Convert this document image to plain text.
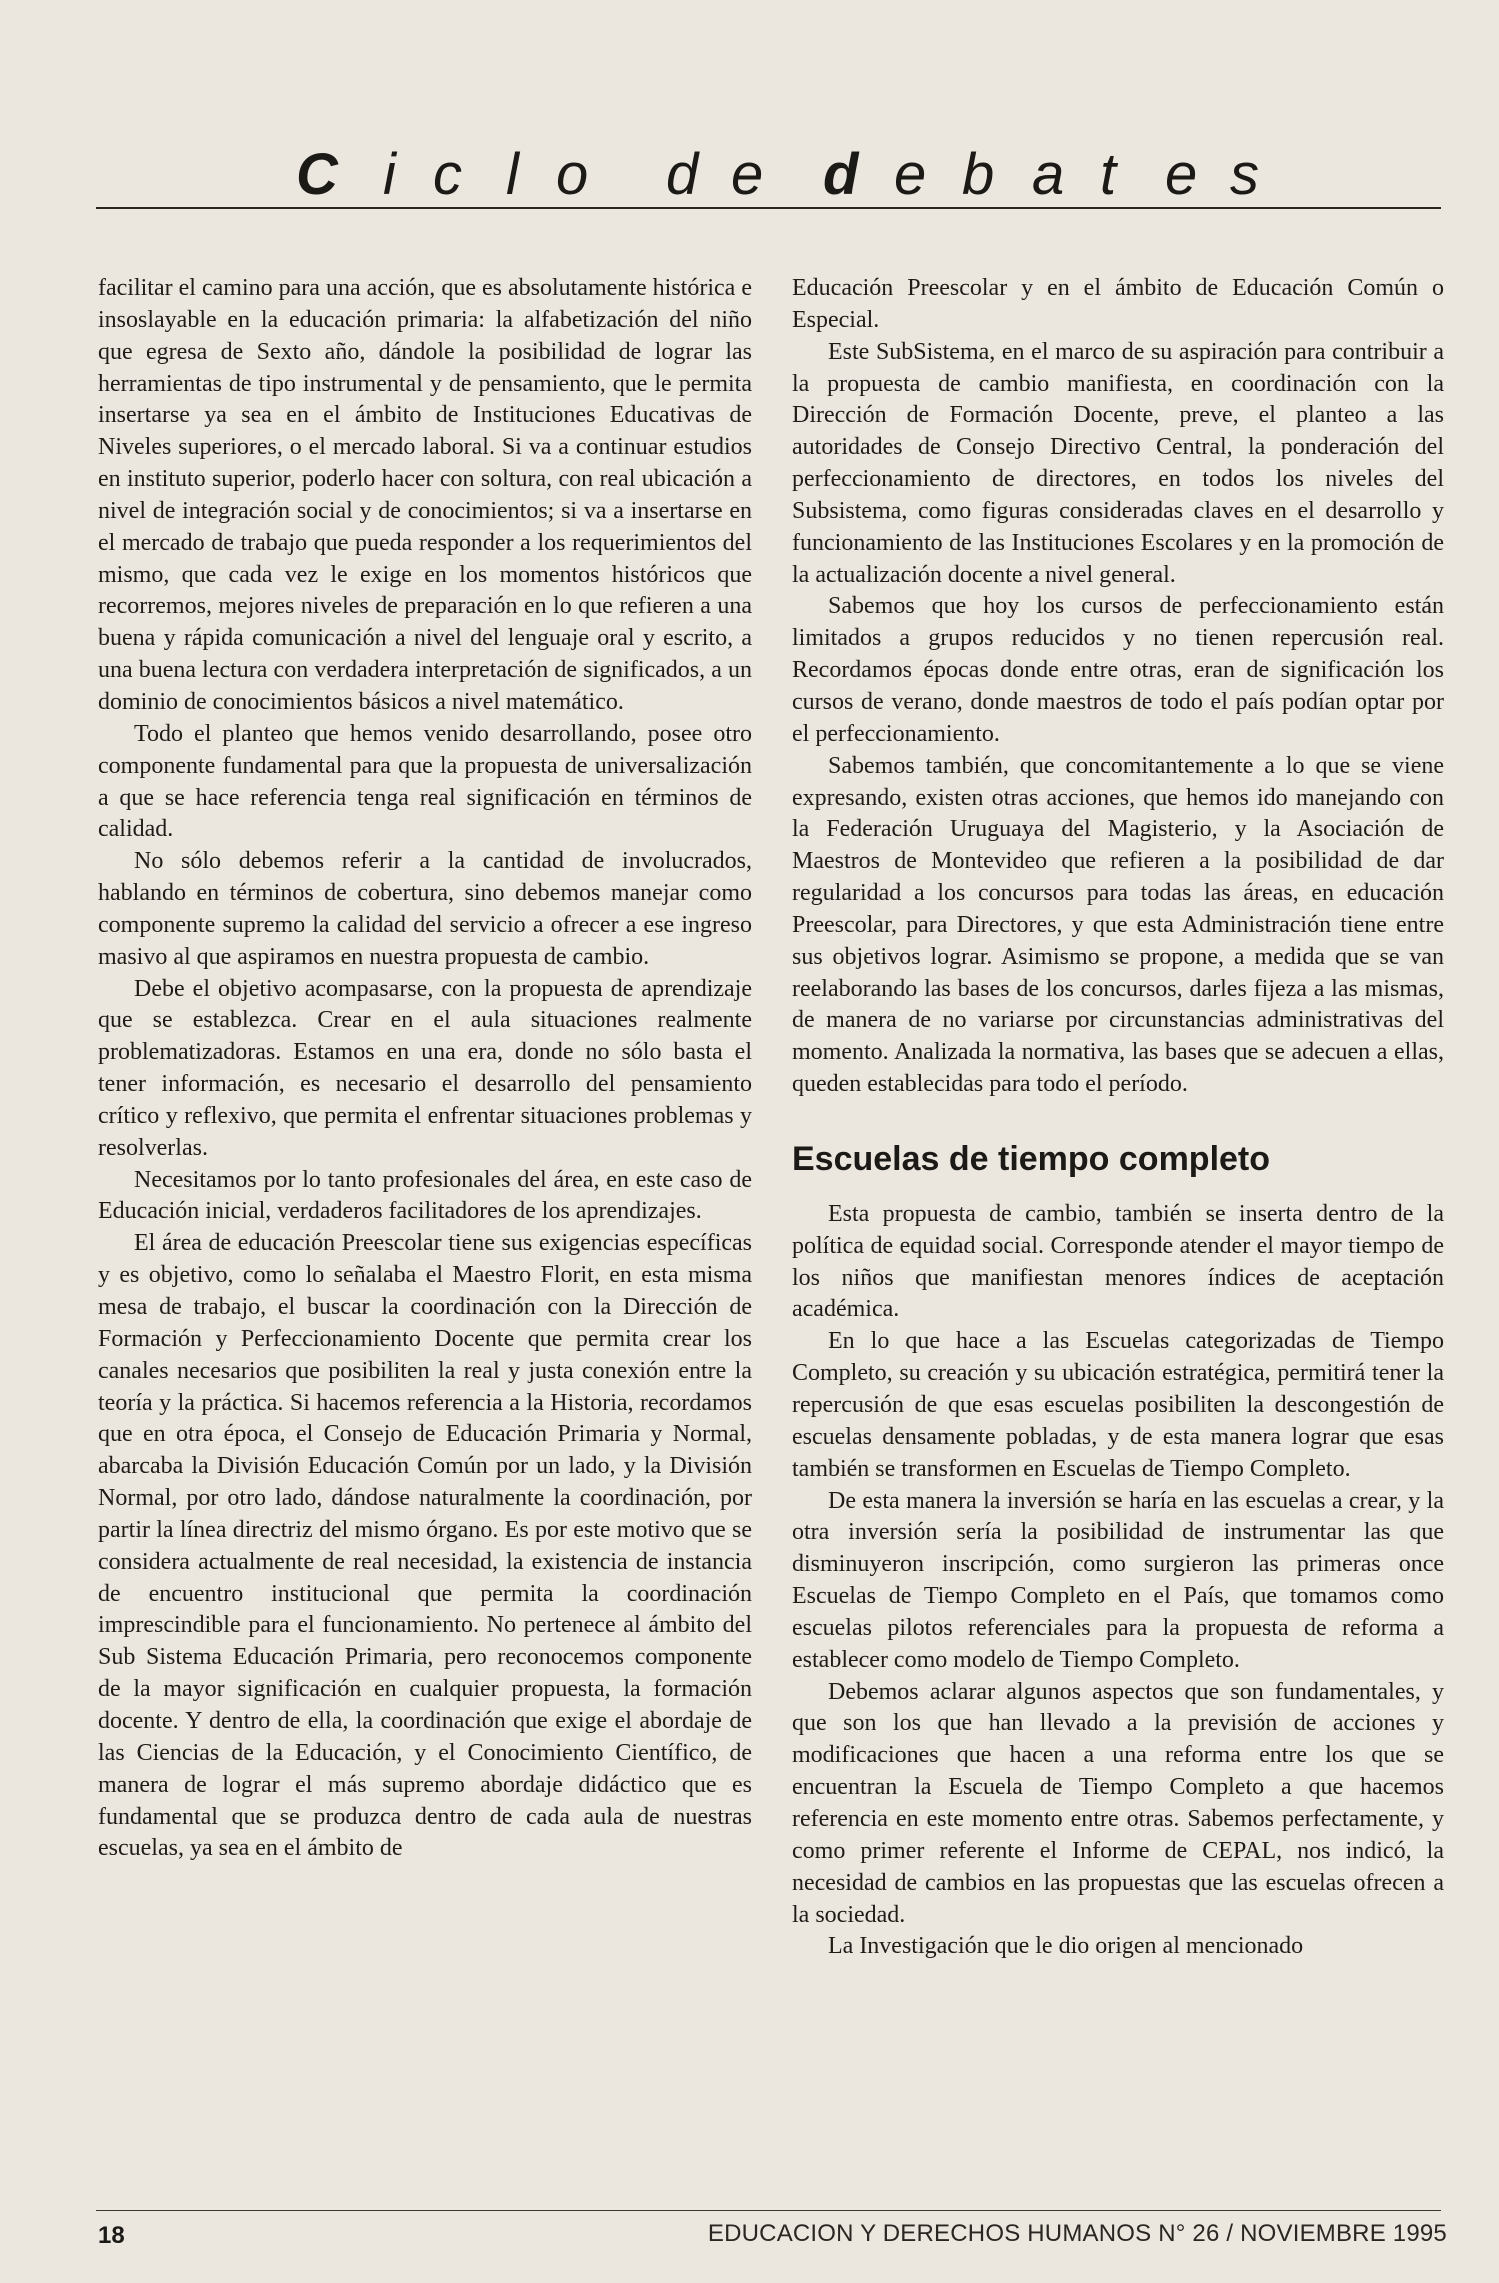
C i c l o d e d e b a t e s

facilitar el camino para una acción, que es absolutamente histórica e insoslayable en la educación primaria: la alfabetización del niño que egresa de Sexto año, dándole la posibilidad de lograr las herramientas de tipo instrumental y de pensamiento, que le permita insertarse ya sea en el ámbito de Instituciones Educativas de Niveles superiores, o el mercado laboral. Si va a continuar estudios en instituto superior, poderlo hacer con soltura, con real ubicación a nivel de integración social y de conocimientos; si va a insertarse en el mercado de trabajo que pueda responder a los requerimientos del mismo, que cada vez le exige en los momentos históricos que recorremos, mejores niveles de preparación en lo que refieren a una buena y rápida comunicación a nivel del lenguaje oral y escrito, a una buena lectura con verdadera interpretación de significados, a un dominio de conocimientos básicos a nivel matemático.

Todo el planteo que hemos venido desarrollando, posee otro componente fundamental para que la propuesta de universalización a que se hace referencia tenga real significación en términos de calidad.

No sólo debemos referir a la cantidad de involucrados, hablando en términos de cobertura, sino debemos manejar como componente supremo la calidad del servicio a ofrecer a ese ingreso masivo al que aspiramos en nuestra propuesta de cambio.

Debe el objetivo acompasarse, con la propuesta de aprendizaje que se establezca. Crear en el aula situaciones realmente problematizadoras. Estamos en una era, donde no sólo basta el tener información, es necesario el desarrollo del pensamiento crítico y reflexivo, que permita el enfrentar situaciones problemas y resolverlas.

Necesitamos por lo tanto profesionales del área, en este caso de Educación inicial, verdaderos facilitadores de los aprendizajes.

El área de educación Preescolar tiene sus exigencias específicas y es objetivo, como lo señalaba el Maestro Florit, en esta misma mesa de trabajo, el buscar la coordinación con la Dirección de Formación y Perfeccionamiento Docente que permita crear los canales necesarios que posibiliten la real y justa conexión entre la teoría y la práctica. Si hacemos referencia a la Historia, recordamos que en otra época, el Consejo de Educación Primaria y Normal, abarcaba la División Educación Común por un lado, y la División Normal, por otro lado, dándose naturalmente la coordinación, por partir la línea directriz del mismo órgano. Es por este motivo que se considera actualmente de real necesidad, la existencia de instancia de encuentro institucional que permita la coordinación imprescindible para el funcionamiento. No pertenece al ámbito del Sub Sistema Educación Primaria, pero reconocemos componente de la mayor significación en cualquier propuesta, la formación docente. Y dentro de ella, la coordinación que exige el abordaje de las Ciencias de la Educación, y el Conocimiento Científico, de manera de lograr el más supremo abordaje didáctico que es fundamental que se produzca dentro de cada aula de nuestras escuelas, ya sea en el ámbito de

Educación Preescolar y en el ámbito de Educación Común o Especial.

Este SubSistema, en el marco de su aspiración para contribuir a la propuesta de cambio manifiesta, en coordinación con la Dirección de Formación Docente, preve, el planteo a las autoridades de Consejo Directivo Central, la ponderación del perfeccionamiento de directores, en todos los niveles del Subsistema, como figuras consideradas claves en el desarrollo y funcionamiento de las Instituciones Escolares y en la promoción de la actualización docente a nivel general.

Sabemos que hoy los cursos de perfeccionamiento están limitados a grupos reducidos y no tienen repercusión real. Recordamos épocas donde entre otras, eran de significación los cursos de verano, donde maestros de todo el país podían optar por el perfeccionamiento.

Sabemos también, que concomitantemente a lo que se viene expresando, existen otras acciones, que hemos ido manejando con la Federación Uruguaya del Magisterio, y la Asociación de Maestros de Montevideo que refieren a la posibilidad de dar regularidad a los concursos para todas las áreas, en educación Preescolar, para Directores, y que esta Administración tiene entre sus objetivos lograr. Asimismo se propone, a medida que se van reelaborando las bases de los concursos, darles fijeza a las mismas, de manera de no variarse por circunstancias administrativas del momento. Analizada la normativa, las bases que se adecuen a ellas, queden establecidas para todo el período.

Escuelas de tiempo completo

Esta propuesta de cambio, también se inserta dentro de la política de equidad social. Corresponde atender el mayor tiempo de los niños que manifiestan menores índices de aceptación académica.

En lo que hace a las Escuelas categorizadas de Tiempo Completo, su creación y su ubicación estratégica, permitirá tener la repercusión de que esas escuelas posibiliten la descongestión de escuelas densamente pobladas, y de esta manera lograr que esas también se transformen en Escuelas de Tiempo Completo.

De esta manera la inversión se haría en las escuelas a crear, y la otra inversión sería la posibilidad de instrumentar las que disminuyeron inscripción, como surgieron las primeras once Escuelas de Tiempo Completo en el País, que tomamos como escuelas pilotos referenciales para la propuesta de reforma a establecer como modelo de Tiempo Completo.

Debemos aclarar algunos aspectos que son fundamentales, y que son los que han llevado a la previsión de acciones y modificaciones que hacen a una reforma entre los que se encuentran la Escuela de Tiempo Completo a que hacemos referencia en este momento entre otras. Sabemos perfectamente, y como primer referente el Informe de CEPAL, nos indicó, la necesidad de cambios en las propuestas que las escuelas ofrecen a la sociedad.

La Investigación que le dio origen al mencionado

18	EDUCACION Y DERECHOS HUMANOS N° 26 / NOVIEMBRE 1995
